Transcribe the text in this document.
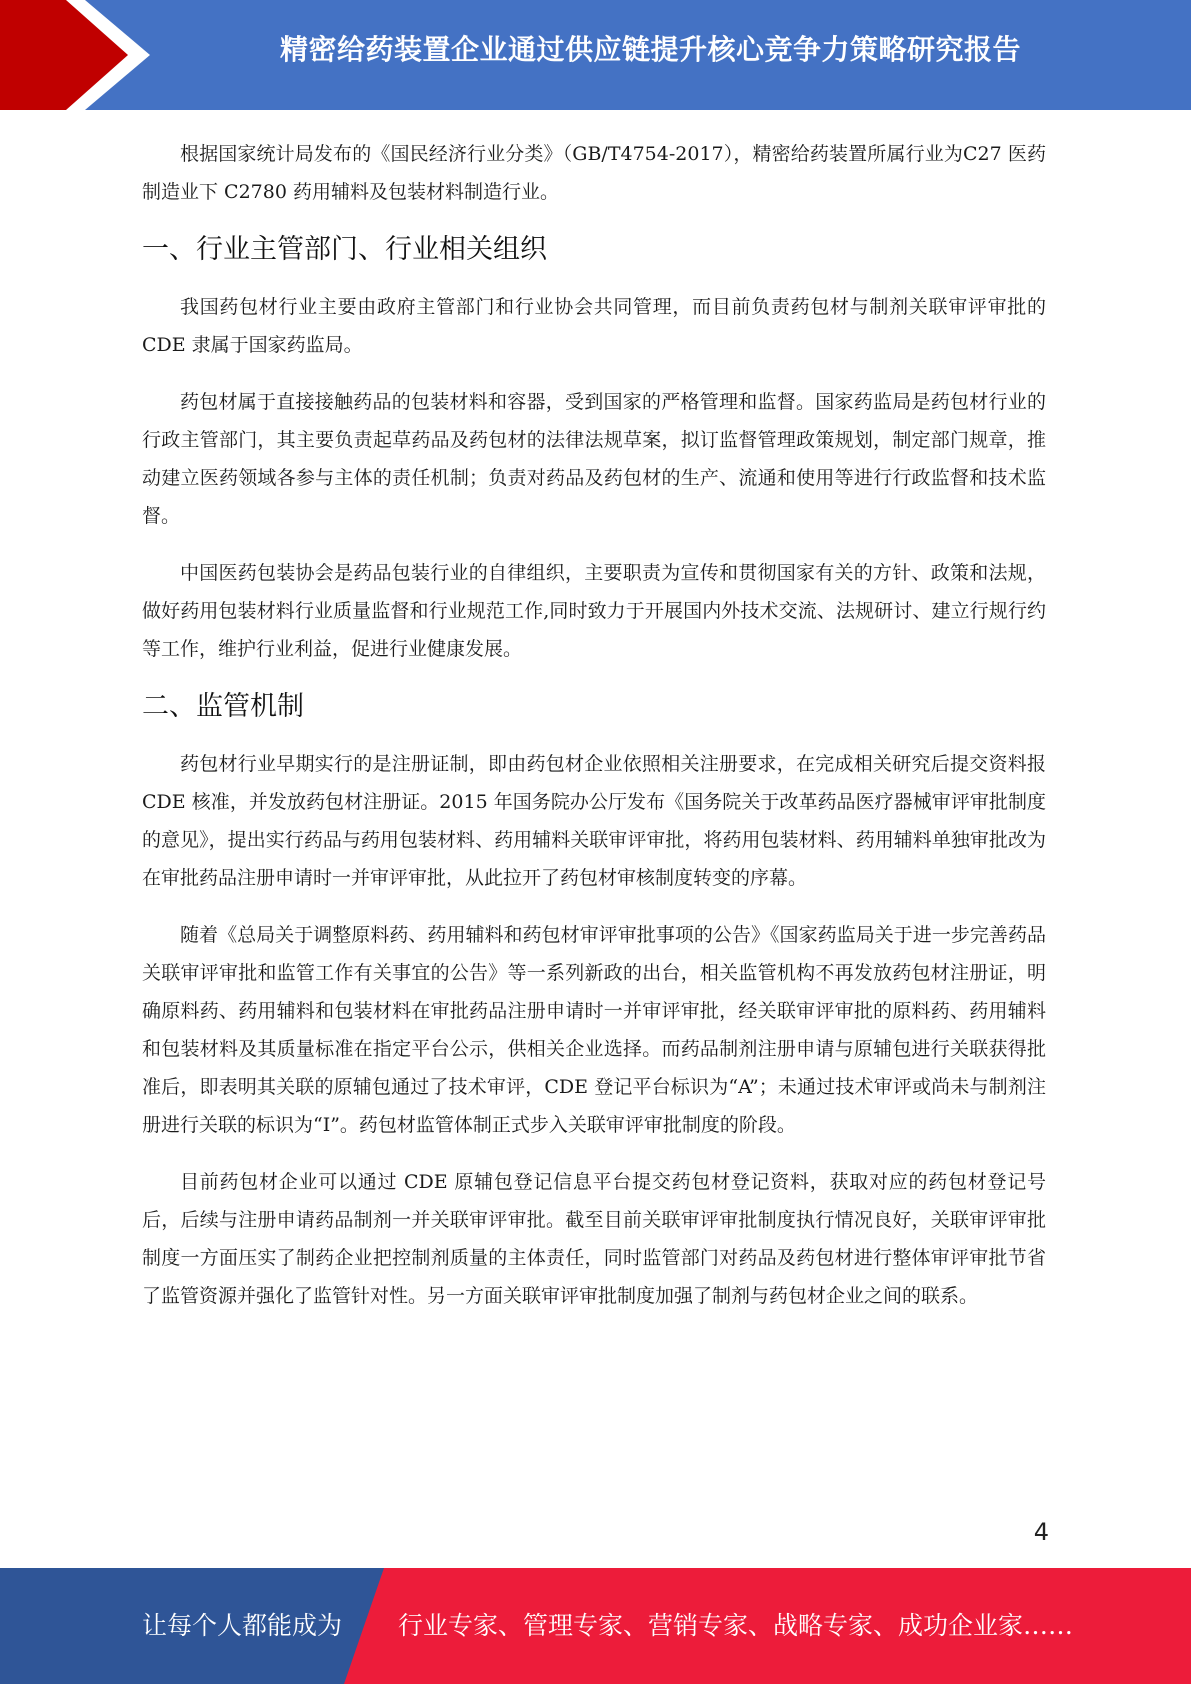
精密给药装置企业通过供应链提升核心竞争力策略研究报告

根据国家统计局发布的《国民经济行业分类》（GB/T4754-2017），精密给药装置所属行业为C27 医药制造业下 C2780 药用辅料及包装材料制造行业。

一、行业主管部门、行业相关组织

我国药包材行业主要由政府主管部门和行业协会共同管理，而目前负责药包材与制剂关联审评审批的 CDE 隶属于国家药监局。

药包材属于直接接触药品的包装材料和容器，受到国家的严格管理和监督。国家药监局是药包材行业的行政主管部门，其主要负责起草药品及药包材的法律法规草案，拟订监督管理政策规划，制定部门规章，推动建立医药领域各参与主体的责任机制；负责对药品及药包材的生产、流通和使用等进行行政监督和技术监督。

中国医药包装协会是药品包装行业的自律组织，主要职责为宣传和贯彻国家有关的方针、政策和法规，做好药用包装材料行业质量监督和行业规范工作,同时致力于开展国内外技术交流、法规研讨、建立行规行约等工作，维护行业利益，促进行业健康发展。

二、监管机制

药包材行业早期实行的是注册证制，即由药包材企业依照相关注册要求，在完成相关研究后提交资料报 CDE 核准，并发放药包材注册证。2015 年国务院办公厅发布《国务院关于改革药品医疗器械审评审批制度的意见》，提出实行药品与药用包装材料、药用辅料关联审评审批，将药用包装材料、药用辅料单独审批改为在审批药品注册申请时一并审评审批，从此拉开了药包材审核制度转变的序幕。

随着《总局关于调整原料药、药用辅料和药包材审评审批事项的公告》《国家药监局关于进一步完善药品关联审评审批和监管工作有关事宜的公告》等一系列新政的出台，相关监管机构不再发放药包材注册证，明确原料药、药用辅料和包装材料在审批药品注册申请时一并审评审批，经关联审评审批的原料药、药用辅料和包装材料及其质量标准在指定平台公示，供相关企业选择。而药品制剂注册申请与原辅包进行关联获得批准后，即表明其关联的原辅包通过了技术审评，CDE 登记平台标识为“A”；未通过技术审评或尚未与制剂注册进行关联的标识为“I”。药包材监管体制正式步入关联审评审批制度的阶段。

目前药包材企业可以通过 CDE 原辅包登记信息平台提交药包材登记资料，获取对应的药包材登记号后，后续与注册申请药品制剂一并关联审评审批。截至目前关联审评审批制度执行情况良好，关联审评审批制度一方面压实了制药企业把控制剂质量的主体责任，同时监管部门对药品及药包材进行整体审评审批节省了监管资源并强化了监管针对性。另一方面关联审评审批制度加强了制剂与药包材企业之间的联系。

4
让每个人都能成为 行业专家、管理专家、营销专家、战略专家、成功企业家……
